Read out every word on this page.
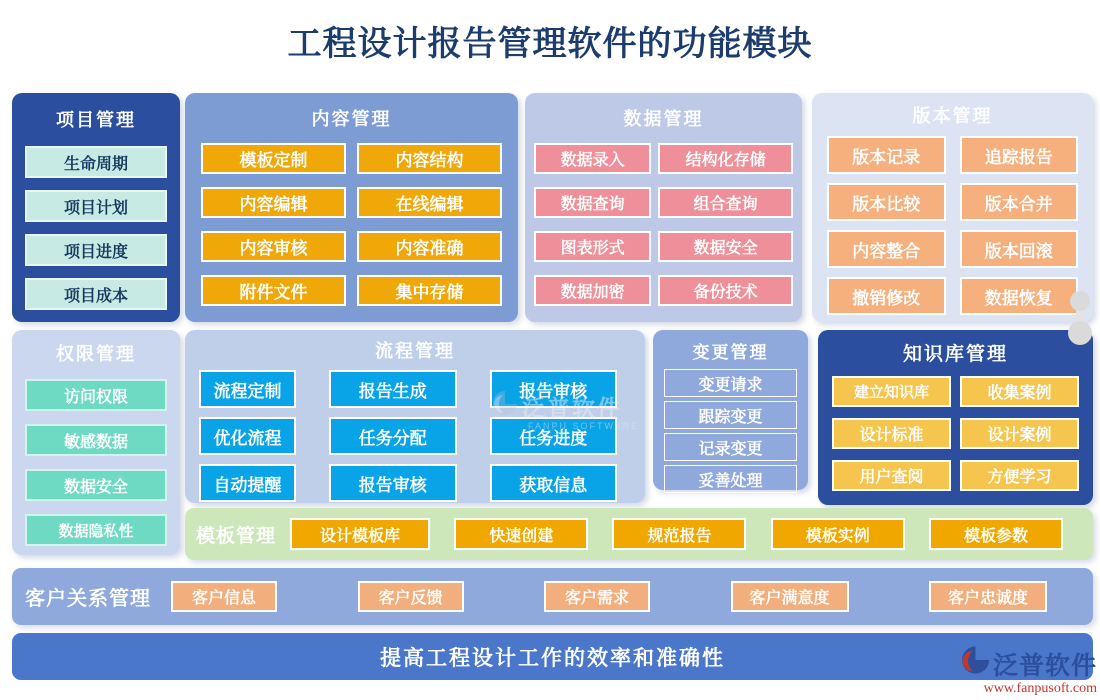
工程设计报告管理软件的功能模块
项目管理
生命周期
项目计划
项目进度
项目成本
内容管理
模板定制	内容结构
内容编辑	在线编辑
内容审核	内容准确
附件文件	集中存储
数据管理
数据录入	结构化存储
数据查询	组合查询
图表形式	数据安全
数据加密	备份技术
版本管理
版本记录	追踪报告
版本比较	版本合并
内容整合	版本回滚
撤销修改	数据恢复
权限管理
访问权限
敏感数据
数据安全
数据隐私性
流程管理
流程定制	报告生成	报告审核
优化流程	任务分配	任务进度
自动提醒	报告审核	获取信息
变更管理
变更请求
跟踪变更
记录变更
妥善处理
知识库管理
建立知识库	收集案例
设计标准	设计案例
用户查阅	方便学习
模板管理	设计模板库	快速创建	规范报告	模板实例	模板参数
客户关系管理	客户信息	客户反馈	客户需求	客户满意度	客户忠诚度
提高工程设计工作的效率和准确性
泛普软件
FANPU SOFTWARE
泛普软件
www.fanpusoft.com
